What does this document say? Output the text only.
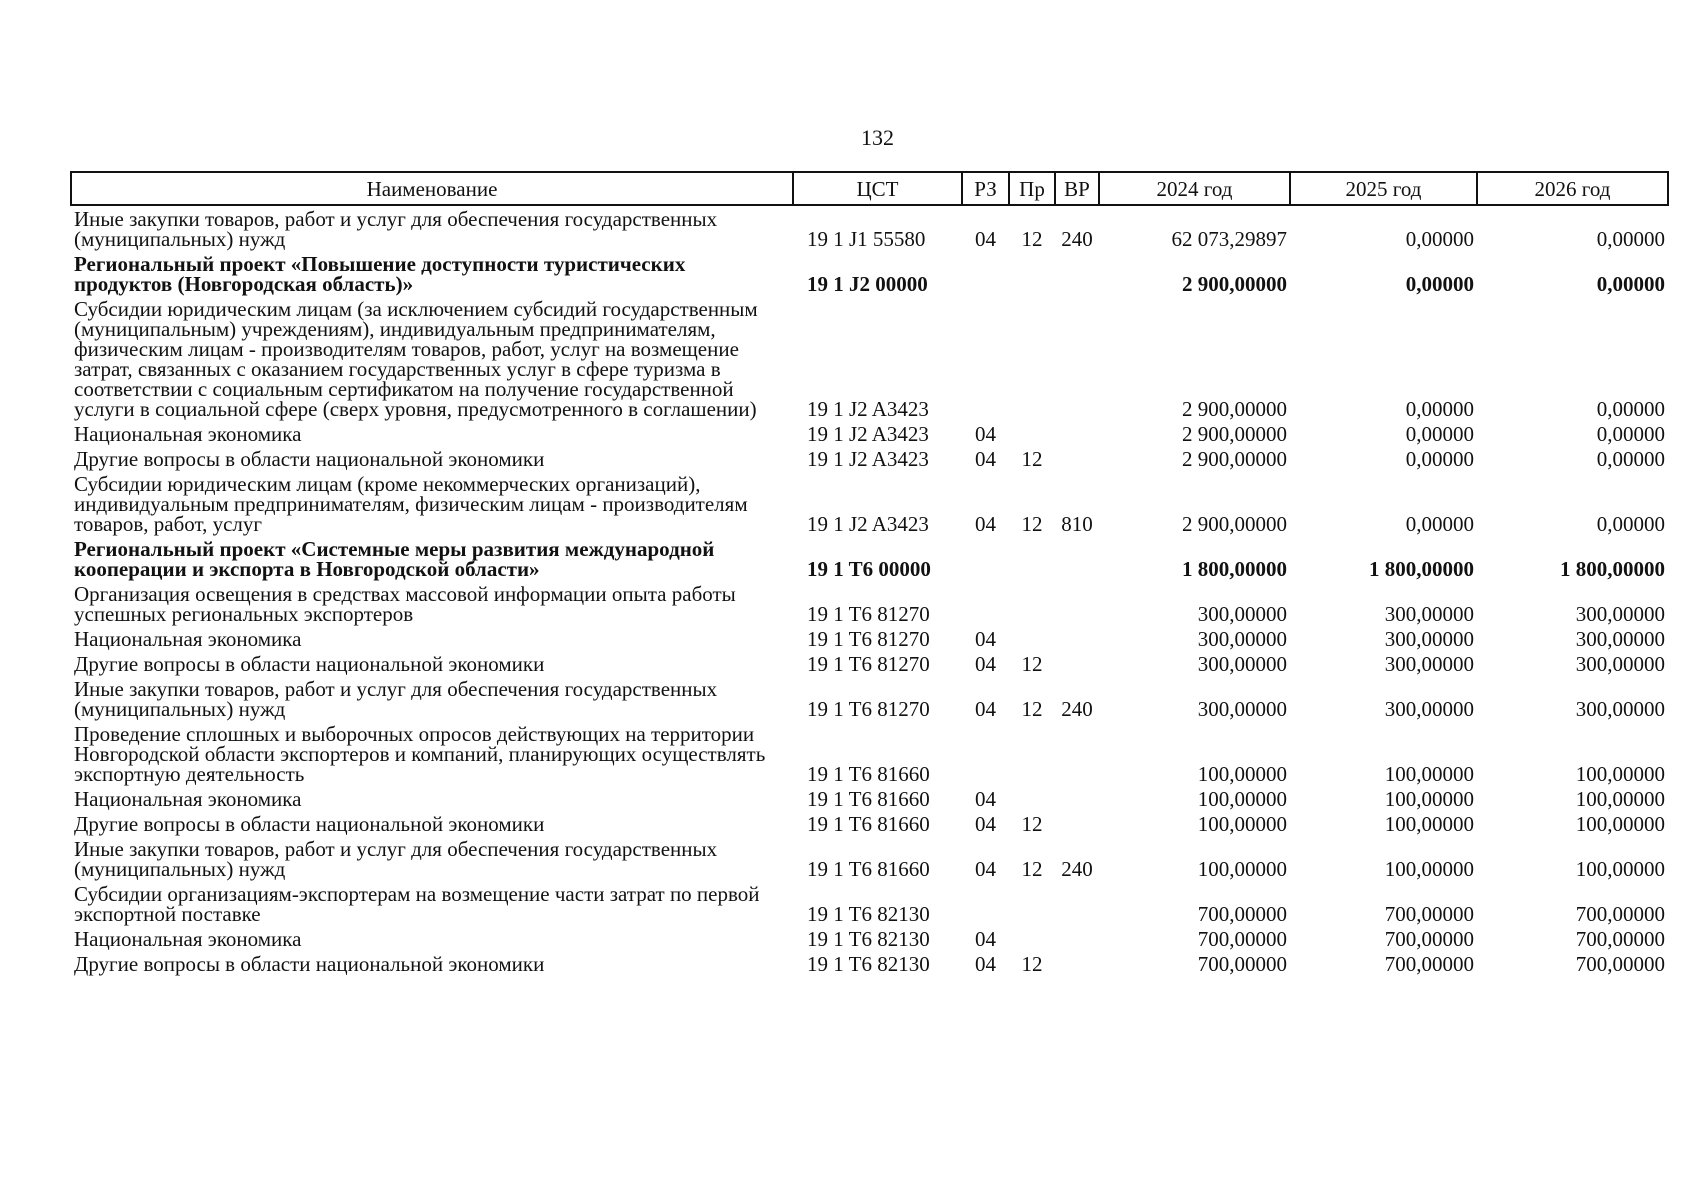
132
Наименование	ЦСТ	РЗ	Пр	ВР	2024 год	2025 год	2026 год
Иные закупки товаров, работ и услуг для обеспечения государственных (муниципальных) нужд	19 1 J1 55580	04	12	240	62 073,29897	0,00000	0,00000
Региональный проект «Повышение доступности туристических продуктов (Новгородская область)»	19 1 J2 00000				2 900,00000	0,00000	0,00000
Субсидии юридическим лицам (за исключением субсидий государственным (муниципальным) учреждениям), индивидуальным предпринимателям, физическим лицам - производителям товаров, работ, услуг на возмещение затрат, связанных с оказанием государственных услуг в сфере туризма в соответствии с социальным сертификатом на получение государственной услуги в социальной сфере (сверх уровня, предусмотренного в соглашении)	19 1 J2 A3423				2 900,00000	0,00000	0,00000
Национальная экономика	19 1 J2 A3423	04			2 900,00000	0,00000	0,00000
Другие вопросы в области национальной экономики	19 1 J2 A3423	04	12		2 900,00000	0,00000	0,00000
Субсидии юридическим лицам (кроме некоммерческих организаций), индивидуальным предпринимателям, физическим лицам - производителям товаров, работ, услуг	19 1 J2 A3423	04	12	810	2 900,00000	0,00000	0,00000
Региональный проект «Системные меры развития международной кооперации и экспорта в Новгородской области»	19 1 T6 00000				1 800,00000	1 800,00000	1 800,00000
Организация освещения в средствах массовой информации опыта работы успешных региональных экспортеров	19 1 T6 81270				300,00000	300,00000	300,00000
Национальная экономика	19 1 T6 81270	04			300,00000	300,00000	300,00000
Другие вопросы в области национальной экономики	19 1 T6 81270	04	12		300,00000	300,00000	300,00000
Иные закупки товаров, работ и услуг для обеспечения государственных (муниципальных) нужд	19 1 T6 81270	04	12	240	300,00000	300,00000	300,00000
Проведение сплошных и выборочных опросов действующих на территории Новгородской области экспортеров и компаний, планирующих осуществлять экспортную деятельность	19 1 T6 81660				100,00000	100,00000	100,00000
Национальная экономика	19 1 T6 81660	04			100,00000	100,00000	100,00000
Другие вопросы в области национальной экономики	19 1 T6 81660	04	12		100,00000	100,00000	100,00000
Иные закупки товаров, работ и услуг для обеспечения государственных (муниципальных) нужд	19 1 T6 81660	04	12	240	100,00000	100,00000	100,00000
Субсидии организациям-экспортерам на возмещение части затрат по первой экспортной поставке	19 1 T6 82130				700,00000	700,00000	700,00000
Национальная экономика	19 1 T6 82130	04			700,00000	700,00000	700,00000
Другие вопросы в области национальной экономики	19 1 T6 82130	04	12		700,00000	700,00000	700,00000
